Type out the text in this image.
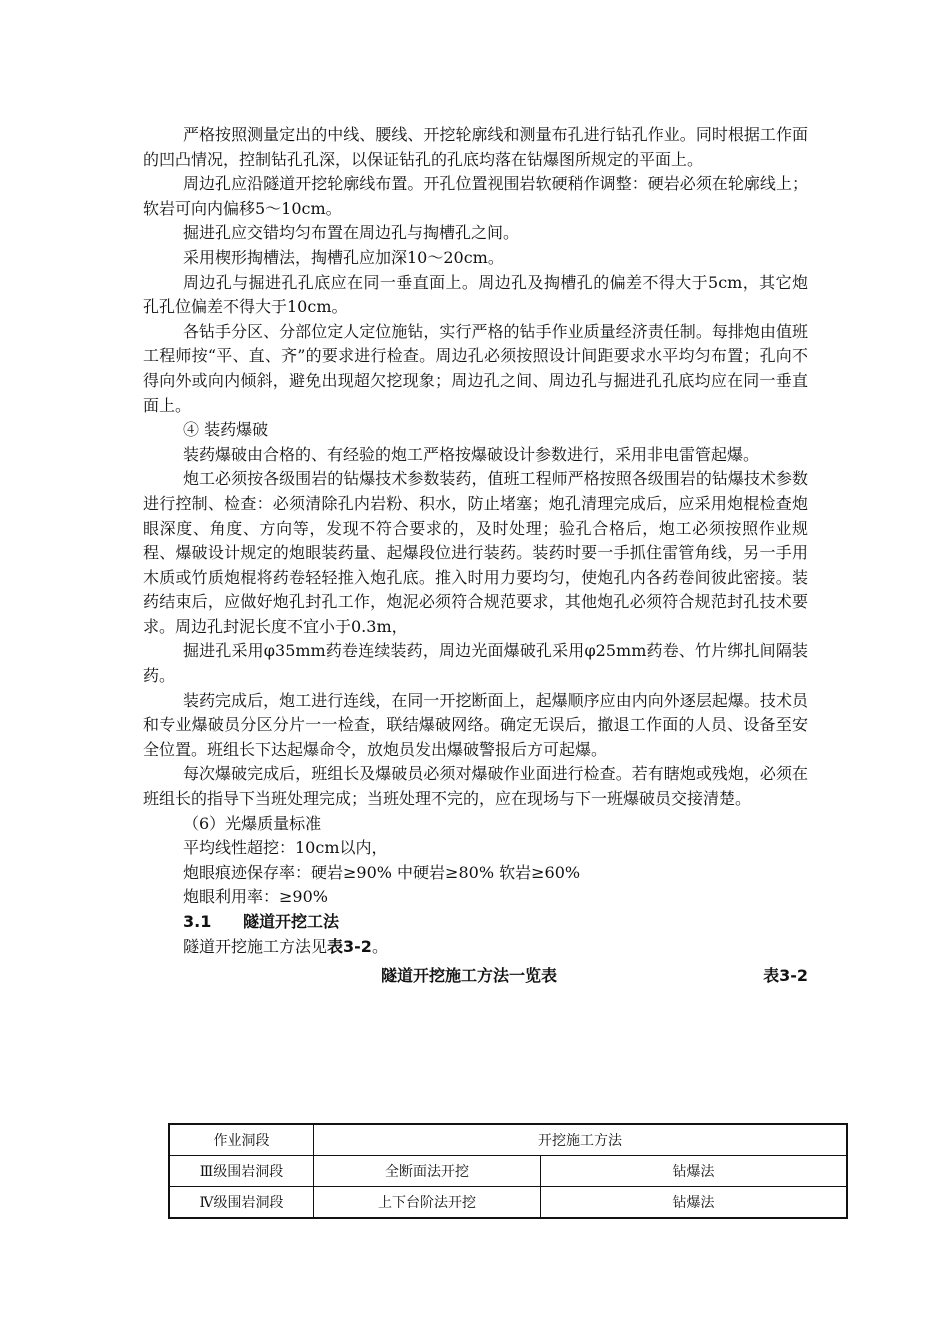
严格按照测量定出的中线、腰线、开挖轮廓线和测量布孔进行钻孔作业。同时根据工作面的凹凸情况，控制钻孔孔深，以保证钻孔的孔底均落在钻爆图所规定的平面上。

周边孔应沿隧道开挖轮廓线布置。开孔位置视围岩软硬稍作调整：硬岩必须在轮廓线上；软岩可向内偏移5～10cm。

掘进孔应交错均匀布置在周边孔与掏槽孔之间。

采用楔形掏槽法，掏槽孔应加深10～20cm。

周边孔与掘进孔孔底应在同一垂直面上。周边孔及掏槽孔的偏差不得大于5cm，其它炮孔孔位偏差不得大于10cm。

各钻手分区、分部位定人定位施钻，实行严格的钻手作业质量经济责任制。每排炮由值班工程师按“平、直、齐”的要求进行检查。周边孔必须按照设计间距要求水平均匀布置；孔向不得向外或向内倾斜，避免出现超欠挖现象；周边孔之间、周边孔与掘进孔孔底均应在同一垂直面上。

④ 装药爆破

装药爆破由合格的、有经验的炮工严格按爆破设计参数进行，采用非电雷管起爆。

炮工必须按各级围岩的钻爆技术参数装药，值班工程师严格按照各级围岩的钻爆技术参数进行控制、检查：必须清除孔内岩粉、积水，防止堵塞；炮孔清理完成后，应采用炮棍检查炮眼深度、角度、方向等，发现不符合要求的，及时处理；验孔合格后，炮工必须按照作业规程、爆破设计规定的炮眼装药量、起爆段位进行装药。装药时要一手抓住雷管角线，另一手用木质或竹质炮棍将药卷轻轻推入炮孔底。推入时用力要均匀，使炮孔内各药卷间彼此密接。装药结束后，应做好炮孔封孔工作，炮泥必须符合规范要求，其他炮孔必须符合规范封孔技术要求。周边孔封泥长度不宜小于0.3m，

掘进孔采用φ35mm药卷连续装药，周边光面爆破孔采用φ25mm药卷、竹片绑扎间隔装药。

装药完成后，炮工进行连线，在同一开挖断面上，起爆顺序应由内向外逐层起爆。技术员和专业爆破员分区分片一一检查，联结爆破网络。确定无误后，撤退工作面的人员、设备至安全位置。班组长下达起爆命令，放炮员发出爆破警报后方可起爆。

每次爆破完成后，班组长及爆破员必须对爆破作业面进行检查。若有瞎炮或残炮，必须在班组长的指导下当班处理完成；当班处理不完的，应在现场与下一班爆破员交接清楚。

（6）光爆质量标准

平均线性超挖：10cm以内，

炮眼痕迹保存率：硬岩≥90% 中硬岩≥80% 软岩≥60%

炮眼利用率：≥90%

3.1 隧道开挖工法

隧道开挖施工方法见表3-2。

隧道开挖施工方法一览表	表3-2
作业洞段	开挖施工方法	
Ⅲ级围岩洞段	全断面法开挖	钻爆法
Ⅳ级围岩洞段	上下台阶法开挖	钻爆法
